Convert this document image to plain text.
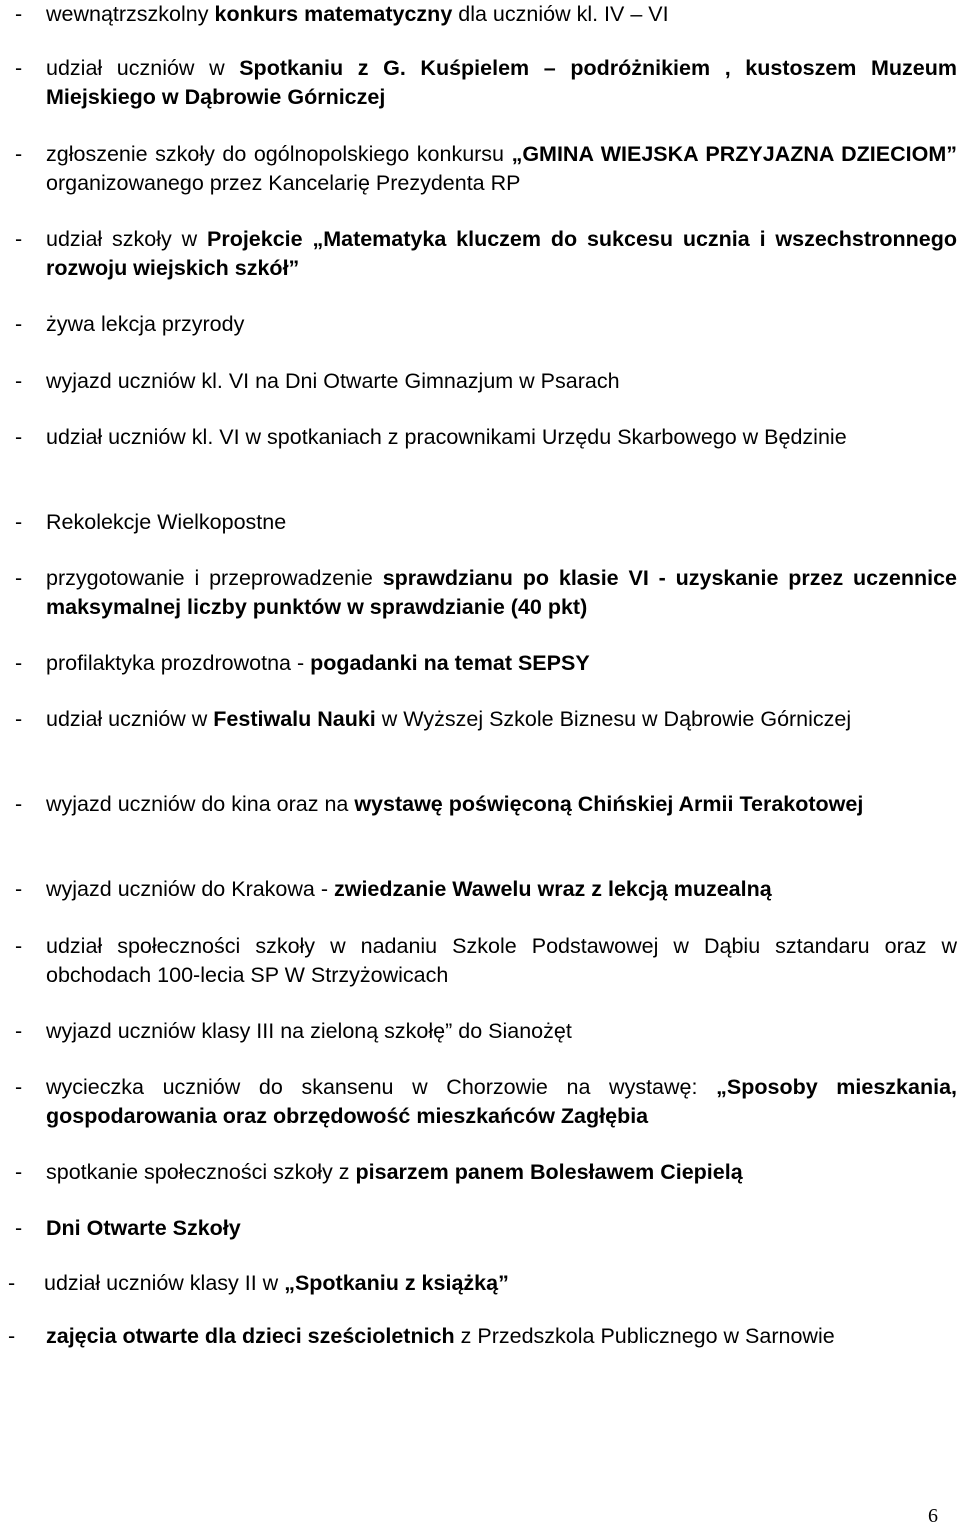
- wewnątrzszkolny konkurs matematyczny dla uczniów kl. IV – VI

- udział uczniów w Spotkaniu z G. Kuśpielem – podróżnikiem , kustoszem Muzeum Miejskiego w Dąbrowie Górniczej

- zgłoszenie szkoły do ogólnopolskiego konkursu „GMINA WIEJSKA PRZYJAZNA DZIECIOM” organizowanego przez Kancelarię Prezydenta RP

- udział szkoły w Projekcie „Matematyka kluczem do sukcesu ucznia i wszechstronnego rozwoju wiejskich szkół”

- żywa lekcja przyrody

- wyjazd uczniów kl. VI na Dni Otwarte Gimnazjum w Psarach

- udział uczniów kl. VI w spotkaniach z pracownikami Urzędu Skarbowego w Będzinie

- Rekolekcje Wielkopostne

- przygotowanie i przeprowadzenie sprawdzianu po klasie VI - uzyskanie przez uczennice maksymalnej liczby punktów w sprawdzianie (40 pkt)

- profilaktyka prozdrowotna - pogadanki na temat SEPSY

- udział uczniów w Festiwalu Nauki w Wyższej Szkole Biznesu w Dąbrowie Górniczej

- wyjazd uczniów do kina oraz na wystawę poświęconą Chińskiej Armii Terakotowej

- wyjazd uczniów do Krakowa - zwiedzanie Wawelu wraz z lekcją muzealną

- udział społeczności szkoły w nadaniu Szkole Podstawowej w Dąbiu sztandaru oraz w obchodach 100-lecia SP W Strzyżowicach

- wyjazd uczniów klasy III na zieloną szkołę” do Sianożęt

- wycieczka uczniów do skansenu w Chorzowie na wystawę: „Sposoby mieszkania, gospodarowania oraz obrzędowość mieszkańców Zagłębia

- spotkanie społeczności szkoły z pisarzem panem Bolesławem Ciepielą

- Dni Otwarte Szkoły

- udział uczniów klasy II w „Spotkaniu z książką”

- zajęcia otwarte dla dzieci sześcioletnich z Przedszkola Publicznego w Sarnowie

6
